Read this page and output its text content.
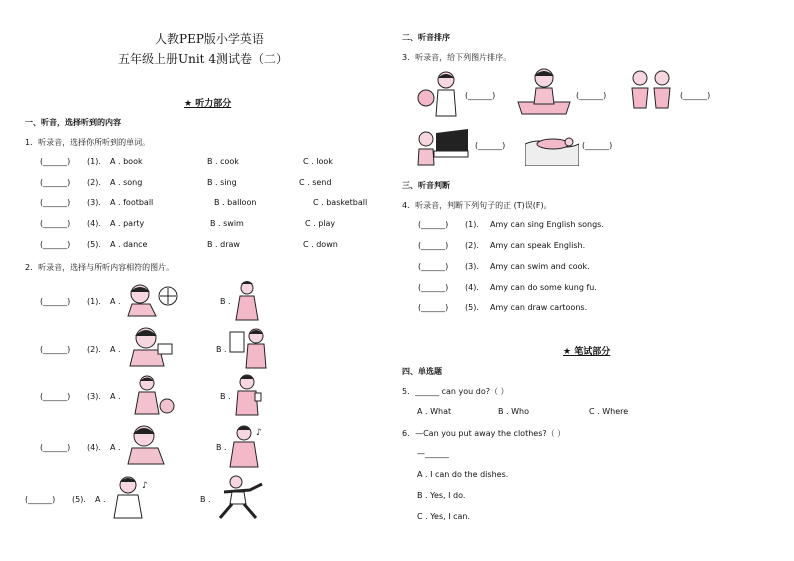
人教PEP版小学英语
五年级上册Unit 4测试卷（二）
★ 听力部分
一、听音，选择听到的内容
1．听录音，选择你所听到的单词。
(______) (1). A . book	B . cook	C . look
(______) (2). A . song	B . sing	C . send
(______) (3). A . football	B . balloon	C . basketball
(______) (4). A . party	B . swim	C . play
(______) (5). A . dance	B . draw	C . down
2．听录音，选择与所听内容相符的图片。
(______) (1). A .	B .
(______) (2). A .	B .
(______) (3). A .	B .
(______) (4). A .	B .
♪
(______) (5). A .
♪
B .
二、听音排序
3．听录音，给下列图片排序。
(______)	(______)	(______)
(______)	(______)
三、听音判断
4．听录音，判断下列句子的正 (T)误(F)。
(______) (1). Amy can sing English songs.
(______) (2). Amy can speak English.
(______) (3). Amy can swim and cook.
(______) (4). Amy can do some kung fu.
(______) (5). Amy can draw cartoons.
★ 笔试部分
四、单选题
5．______ can you do?（ ）
A . What	B . Who	C . Where
6．—Can you put away the clothes?（ ）
—______
A . I can do the dishes.
B . Yes, I do.
C . Yes, I can.
